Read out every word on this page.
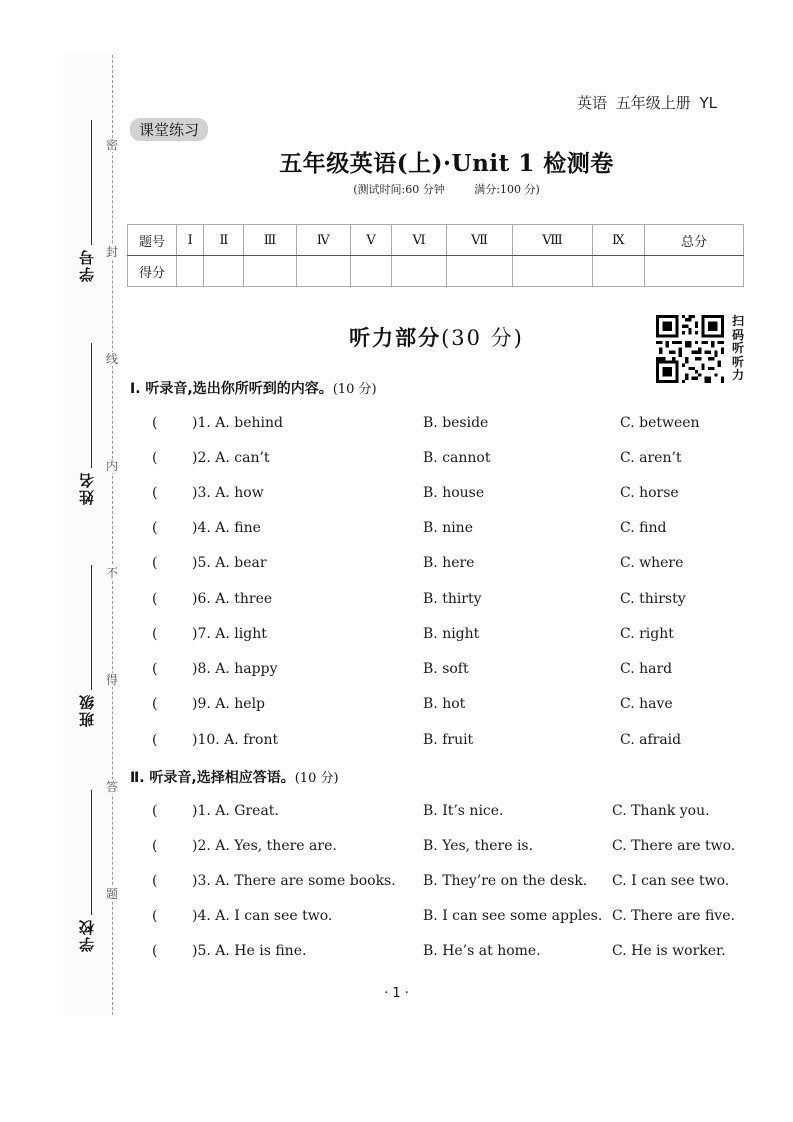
密
封
线
内
不
得
答
题
学号
姓名
班级
学校
英语 五年级上册 YL
课堂练习
五年级英语(上)·Unit 1 检测卷
(测试时间:60 分钟	满分:100 分)
题号	Ⅰ	Ⅱ	Ⅲ	Ⅳ	Ⅴ	Ⅵ	Ⅶ	Ⅷ	Ⅸ	总分
得分										
听力部分(30 分)
扫
码
听
听
力
Ⅰ. 听录音,选出你所听到的内容。(10 分)
( )1. A. behind	B. beside	C. between
( )2. A. can’t	B. cannot	C. aren’t
( )3. A. how	B. house	C. horse
( )4. A. fine	B. nine	C. find
( )5. A. bear	B. here	C. where
( )6. A. three	B. thirty	C. thirsty
( )7. A. light	B. night	C. right
( )8. A. happy	B. soft	C. hard
( )9. A. help	B. hot	C. have
( )10. A. front	B. fruit	C. afraid
Ⅱ. 听录音,选择相应答语。(10 分)
( )1. A. Great.	B. It’s nice.	C. Thank you.
( )2. A. Yes, there are.	B. Yes, there is.	C. There are two.
( )3. A. There are some books. B. They’re on the desk. C. I can see two.
( )4. A. I can see two.	B. I can see some apples. C. There are five.
( )5. A. He is fine.	B. He’s at home.	C. He is worker.
· 1 ·
